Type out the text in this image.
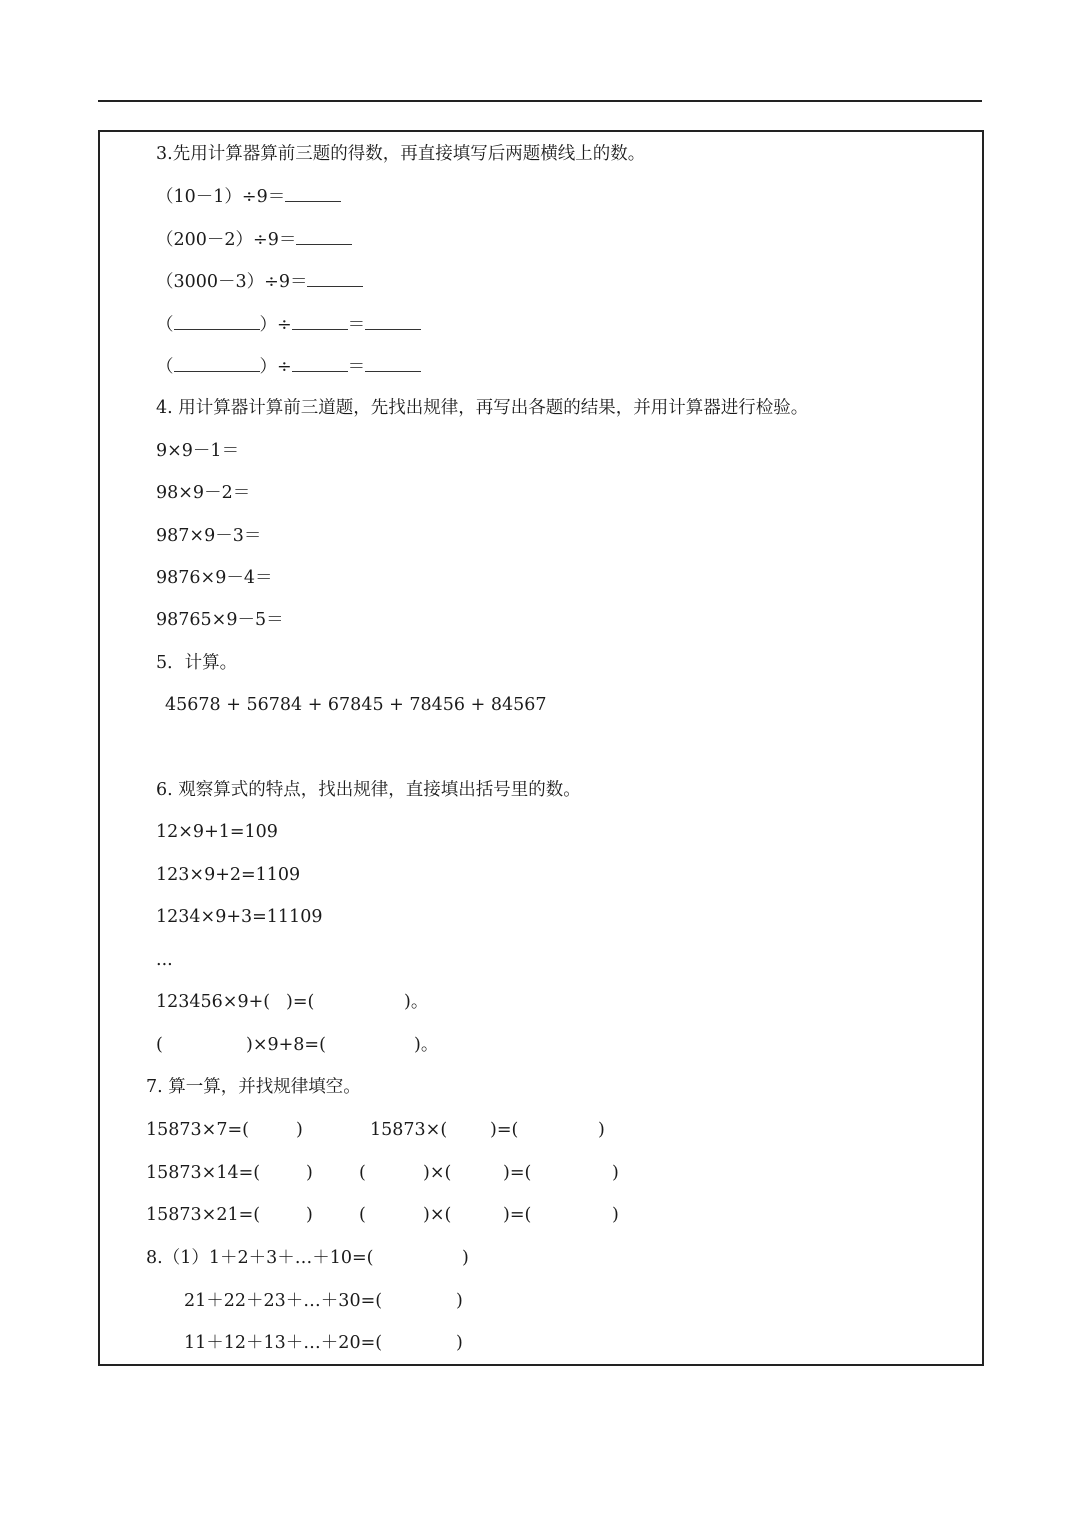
3.先用计算器算前三题的得数，再直接填写后两题横线上的数。
（10－1）÷9＝
（200－2）÷9＝
（3000－3）÷9＝
（	）÷	＝
（	）÷	＝
4. 用计算器计算前三道题，先找出规律，再写出各题的结果，并用计算器进行检验。
9×9－1＝
98×9－2＝
987×9－3＝
9876×9－4＝
98765×9－5＝
5．计算。
45678 + 56784 + 67845 + 78456 + 84567
6. 观察算式的特点，找出规律，直接填出括号里的数。
12×9+1=109
123×9+2=1109
1234×9+3=11109
...
123456×9+( )=(	)。
(	)×9+8=(	)。
7. 算一算，并找规律填空。
15873×7=(	)	15873×( )=(	)
15873×14=(	)	(	)×(	)=(	)
15873×21=(	)	(	)×(	)=(	)
8.（1）1＋2＋3＋…＋10=(	)
21＋22＋23＋…＋30=(	)
11＋12＋13＋…＋20=(	)
